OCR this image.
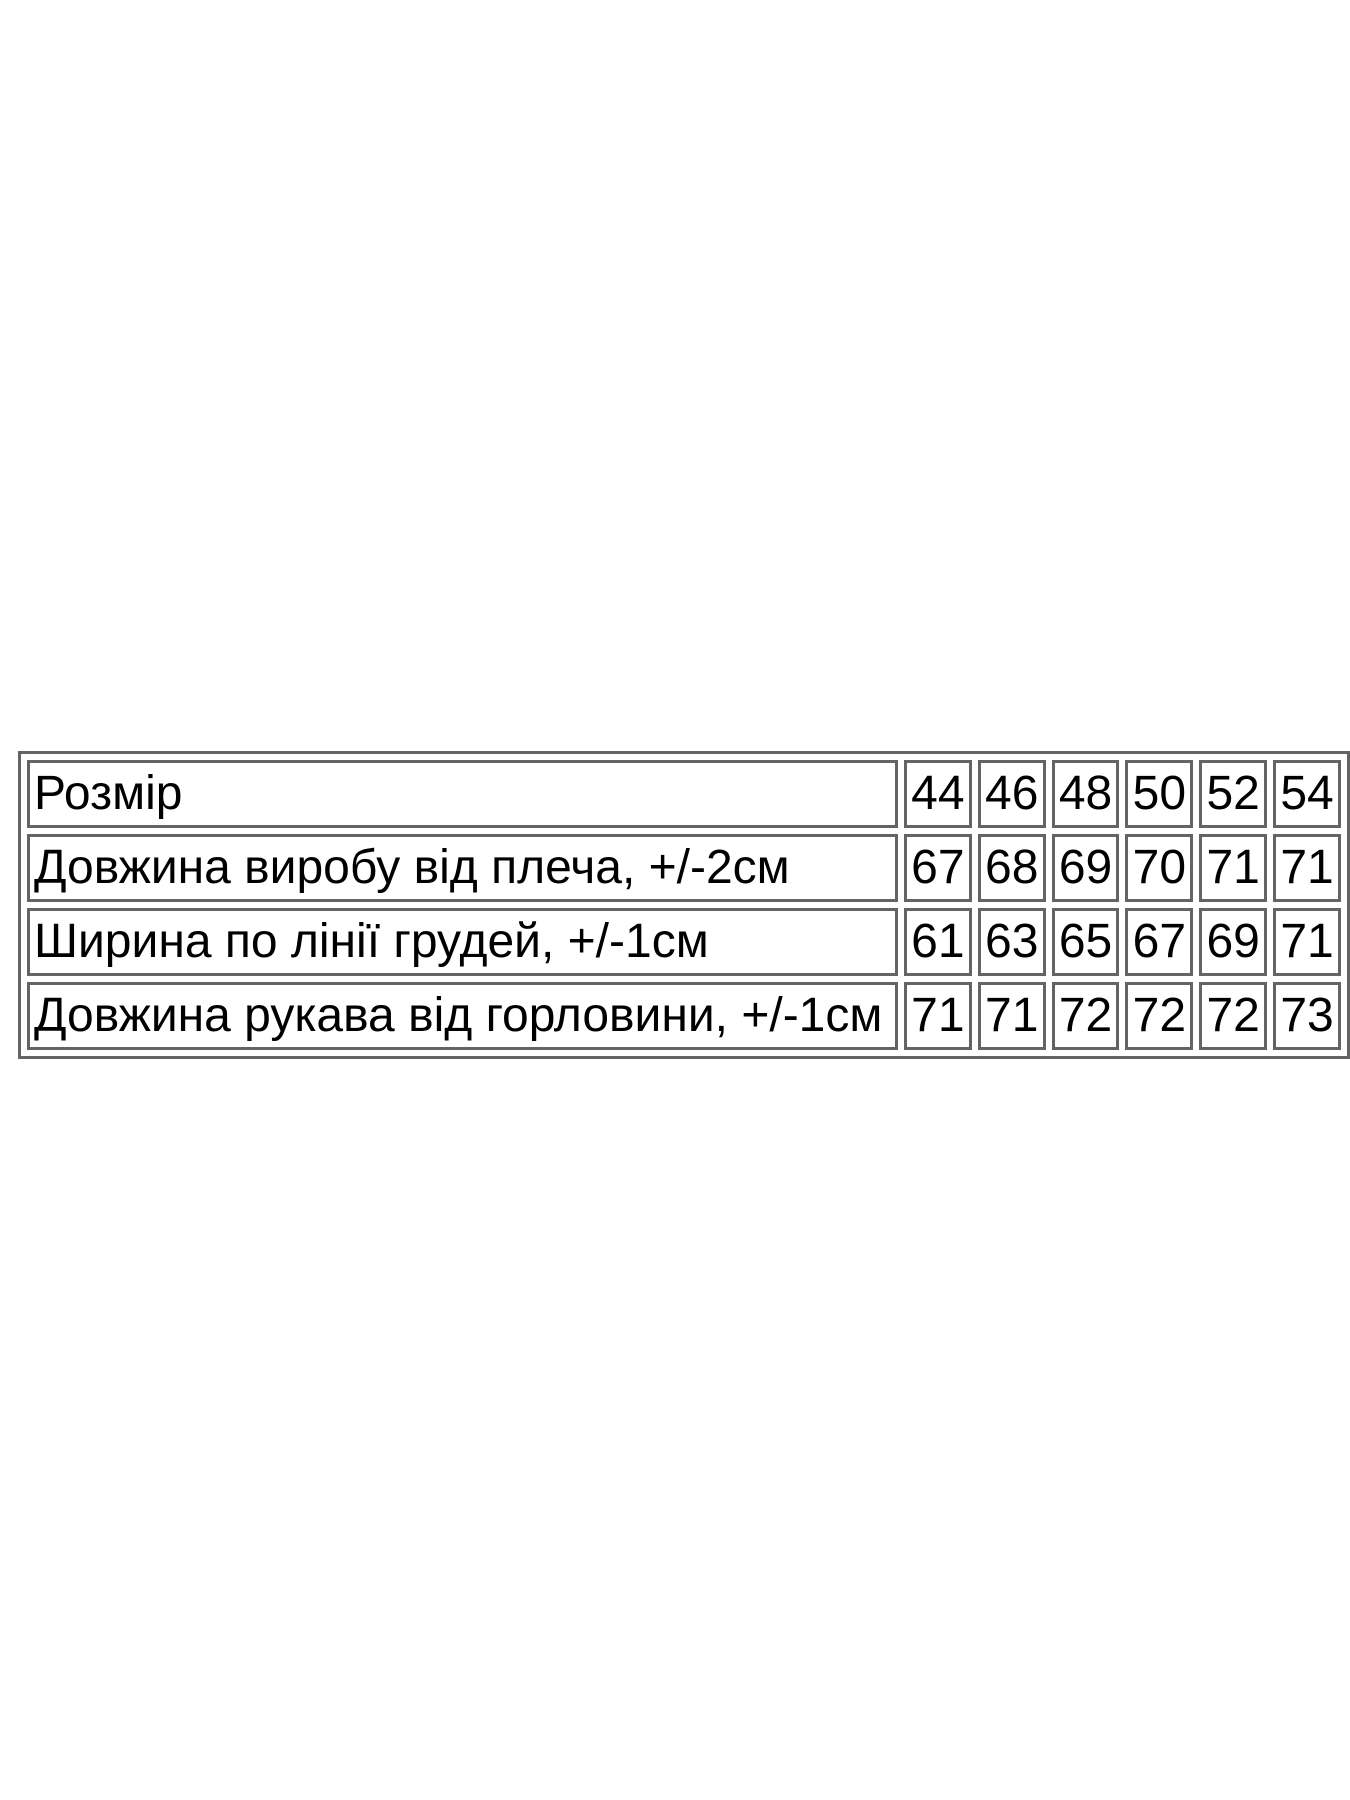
Розмір	44	46	48	50	52	54
Довжина виробу від плеча, +/-2см	67	68	69	70	71	71
Ширина по лінії грудей, +/-1см	61	63	65	67	69	71
Довжина рукава від горловини, +/-1см	71	71	72	72	72	73
